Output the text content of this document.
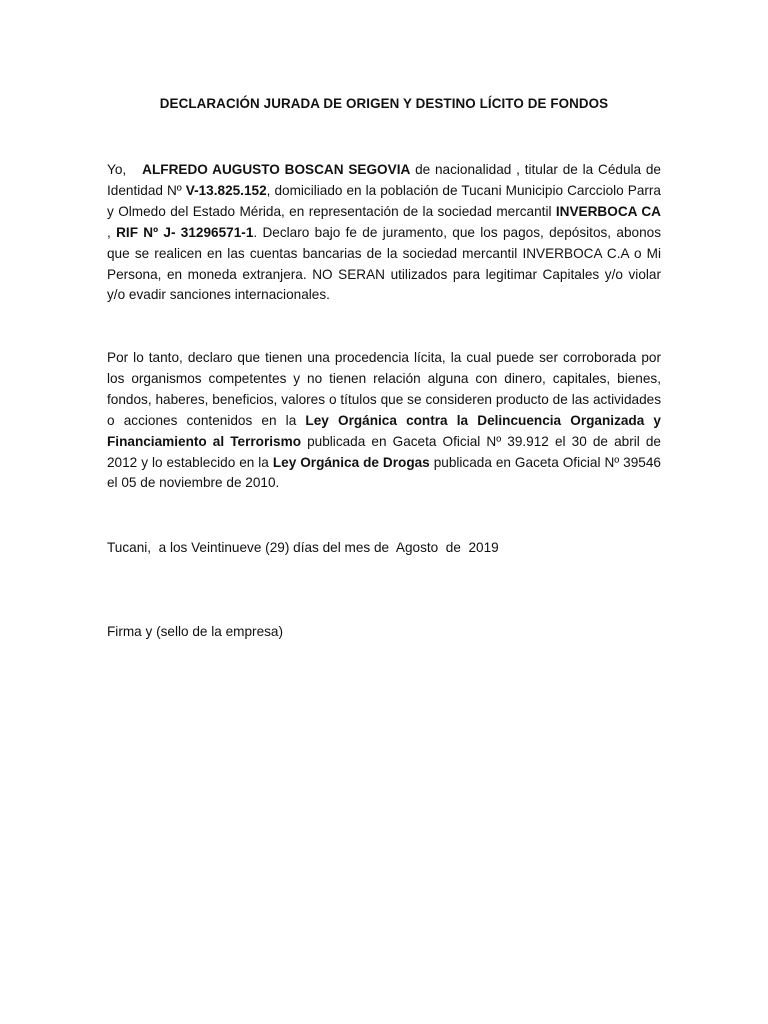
DECLARACIÓN JURADA DE ORIGEN Y DESTINO LÍCITO DE FONDOS
Yo, ALFREDO AUGUSTO BOSCAN SEGOVIA de nacionalidad , titular de la Cédula de Identidad Nº V-13.825.152, domiciliado en la población de Tucani Municipio Carcciolo Parra y Olmedo del Estado Mérida, en representación de la sociedad mercantil INVERBOCA CA , RIF Nº J- 31296571-1. Declaro bajo fe de juramento, que los pagos, depósitos, abonos que se realicen en las cuentas bancarias de la sociedad mercantil INVERBOCA C.A o Mi Persona, en moneda extranjera. NO SERAN utilizados para legitimar Capitales y/o violar y/o evadir sanciones internacionales.
Por lo tanto, declaro que tienen una procedencia lícita, la cual puede ser corroborada por los organismos competentes y no tienen relación alguna con dinero, capitales, bienes, fondos, haberes, beneficios, valores o títulos que se consideren producto de las actividades o acciones contenidos en la Ley Orgánica contra la Delincuencia Organizada y Financiamiento al Terrorismo publicada en Gaceta Oficial Nº 39.912 el 30 de abril de 2012 y lo establecido en la Ley Orgánica de Drogas publicada en Gaceta Oficial Nº 39546 el 05 de noviembre de 2010.
Tucani,  a los Veintinueve (29) días del mes de  Agosto  de  2019
Firma y (sello de la empresa)
